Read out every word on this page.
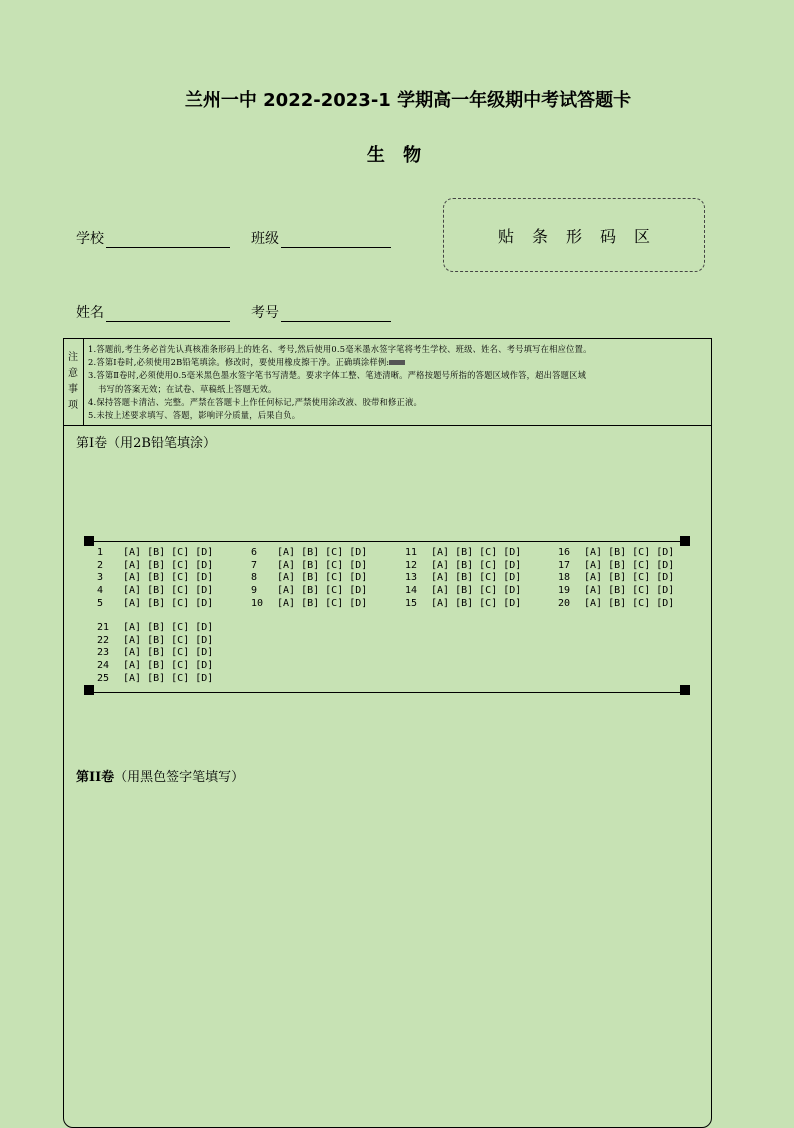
兰州一中 2022-2023-1 学期高一年级期中考试答题卡
生 物
学校	班级
姓名	考号
贴条形码区
注
意
事
项
1.答题前,考生务必首先认真核准条形码上的姓名、考号,然后使用0.5毫米墨水签字笔将考生学校、班级、姓名、考号填写在相应位置。
2.答第Ⅰ卷时,必须使用2B铅笔填涂。修改时，要使用橡皮擦干净。正确填涂样例:
3.答第Ⅱ卷时,必须使用0.5毫米黑色墨水签字笔书写清楚。要求字体工整、笔迹清晰。严格按题号所指的答题区域作答，超出答题区域
书写的答案无效；在试卷、草稿纸上答题无效。
4.保持答题卡清洁、完整。严禁在答题卡上作任何标记,严禁使用涂改液、胶带和修正液。
5.未按上述要求填写、答题，影响评分质量，后果自负。
第Ⅰ卷（用2B铅笔填涂）
1 [A] [B] [C] [D]
2 [A] [B] [C] [D]
3 [A] [B] [C] [D]
4 [A] [B] [C] [D]
5 [A] [B] [C] [D]
6 [A] [B] [C] [D]
7 [A] [B] [C] [D]
8 [A] [B] [C] [D]
9 [A] [B] [C] [D]
10 [A] [B] [C] [D]
11 [A] [B] [C] [D]
12 [A] [B] [C] [D]
13 [A] [B] [C] [D]
14 [A] [B] [C] [D]
15 [A] [B] [C] [D]
16 [A] [B] [C] [D]
17 [A] [B] [C] [D]
18 [A] [B] [C] [D]
19 [A] [B] [C] [D]
20 [A] [B] [C] [D]
21 [A] [B] [C] [D]
22 [A] [B] [C] [D]
23 [A] [B] [C] [D]
24 [A] [B] [C] [D]
25 [A] [B] [C] [D]
第II卷（用黑色签字笔填写）
